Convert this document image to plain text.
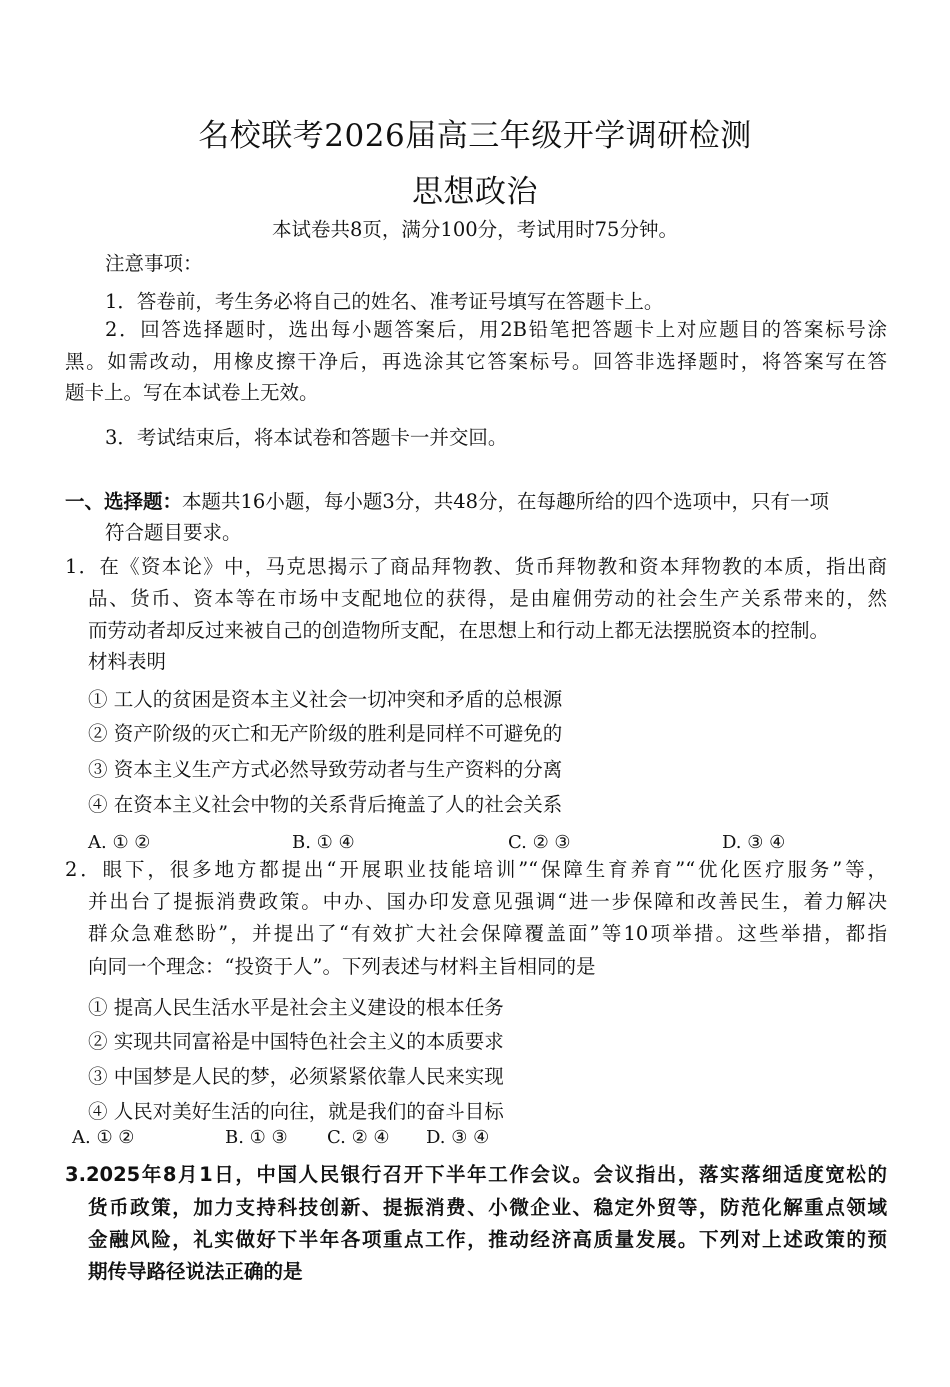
名校联考2026届高三年级开学调研检测
思想政治
本试卷共8页，满分100分，考试用时75分钟。
注意事项：
1．答卷前，考生务必将自己的姓名、准考证号填写在答题卡上。
2．回答选择题时，选出每小题答案后，用2B铅笔把答题卡上对应题目的答案标号涂
黑。如需改动，用橡皮擦干净后，再选涂其它答案标号。回答非选择题时，将答案写在答
题卡上。写在本试卷上无效。
3．考试结束后，将本试卷和答题卡一并交回。
一、选择题：本题共16小题，每小题3分，共48分，在每趣所给的四个选项中，只有一项
符合题目要求。
1．在《资本论》中，马克思揭示了商品拜物教、货币拜物教和资本拜物教的本质，指出商
品、货币、资本等在市场中支配地位的获得，是由雇佣劳动的社会生产关系带来的，然
而劳动者却反过来被自己的创造物所支配，在思想上和行动上都无法摆脱资本的控制。
材料表明
① 工人的贫困是资本主义社会一切冲突和矛盾的总根源
② 资产阶级的灭亡和无产阶级的胜利是同样不可避免的
③ 资本主义生产方式必然导致劳动者与生产资料的分离
④ 在资本主义社会中物的关系背后掩盖了人的社会关系
A. ① ②	B. ① ④	C. ② ③	D. ③ ④
2．眼下，很多地方都提出“开展职业技能培训”“保障生育养育”“优化医疗服务”等，
并出台了提振消费政策。中办、国办印发意见强调“进一步保障和改善民生，着力解决
群众急难愁盼”，并提出了“有效扩大社会保障覆盖面”等10项举措。这些举措，都指
向同一个理念：“投资于人”。下列表述与材料主旨相同的是
① 提高人民生活水平是社会主义建设的根本任务
② 实现共同富裕是中国特色社会主义的本质要求
③ 中国梦是人民的梦，必须紧紧依靠人民来实现
④ 人民对美好生活的向往，就是我们的奋斗目标
A. ① ②	B. ① ③ C. ② ④ D. ③ ④
3.2025年8月1日，中国人民银行召开下半年工作会议。会议指出，落实落细适度宽松的
货币政策，加力支持科技创新、提振消费、小微企业、稳定外贸等，防范化解重点领域
金融风险，礼实做好下半年各项重点工作，推动经济高质量发展。下列对上述政策的预
期传导路径说法正确的是
